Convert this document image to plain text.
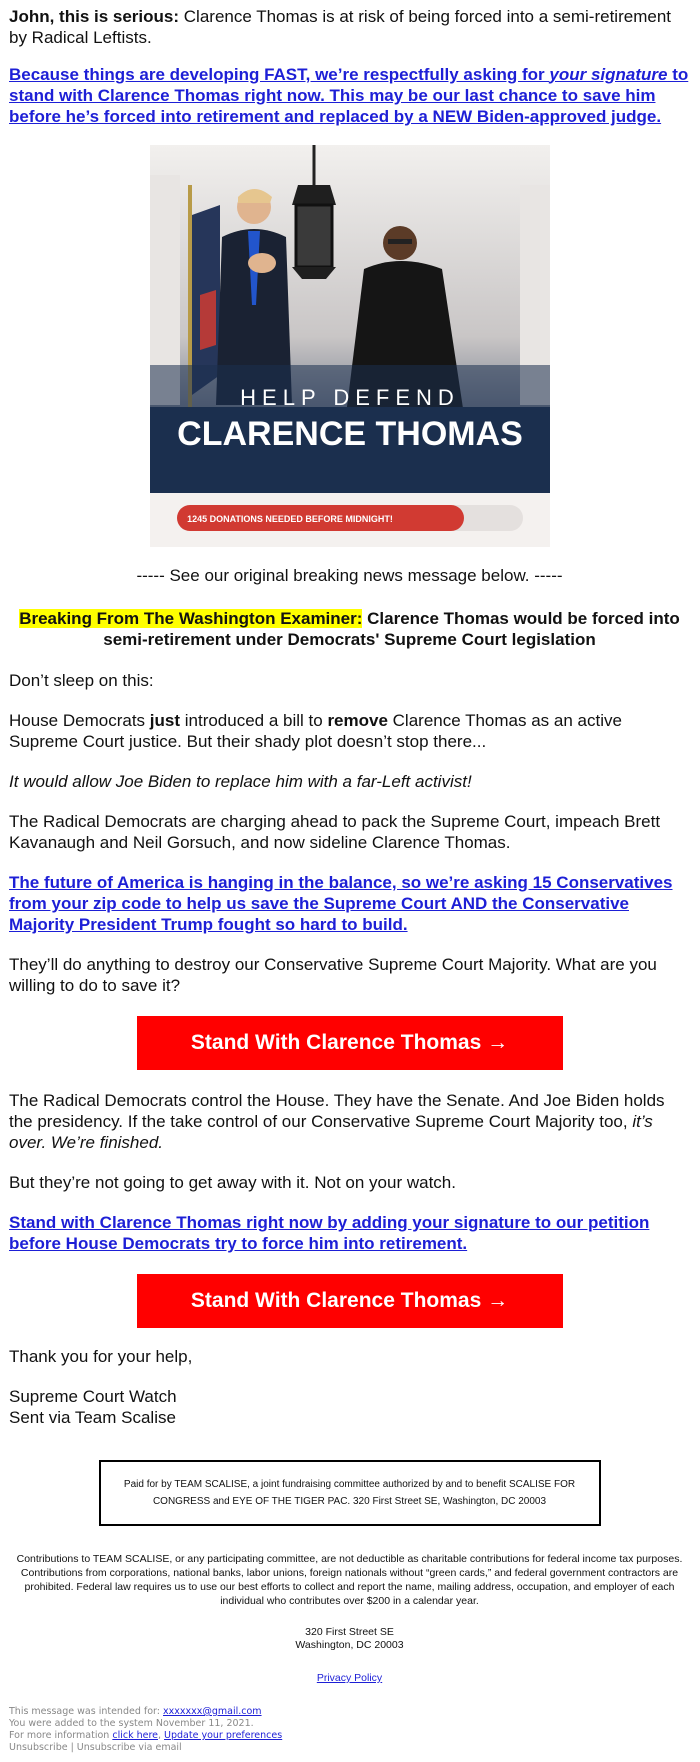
John, this is serious: Clarence Thomas is at risk of being forced into a semi-retirement by Radical Leftists.

Because things are developing FAST, we’re respectfully asking for your signature to stand with Clarence Thomas right now. This may be our last chance to save him before he’s forced into retirement and replaced by a NEW Biden-approved judge.

HELP DEFEND
CLARENCE THOMAS
1245 DONATIONS NEEDED BEFORE MIDNIGHT!

----- See our original breaking news message below. -----

Breaking From The Washington Examiner: Clarence Thomas would be forced into semi-retirement under Democrats' Supreme Court legislation

Don’t sleep on this:

House Democrats just introduced a bill to remove Clarence Thomas as an active Supreme Court justice. But their shady plot doesn’t stop there...

It would allow Joe Biden to replace him with a far-Left activist!

The Radical Democrats are charging ahead to pack the Supreme Court, impeach Brett Kavanaugh and Neil Gorsuch, and now sideline Clarence Thomas.

The future of America is hanging in the balance, so we’re asking 15 Conservatives from your zip code to help us save the Supreme Court AND the Conservative Majority President Trump fought so hard to build.

They’ll do anything to destroy our Conservative Supreme Court Majority. What are you willing to do to save it?

Stand With Clarence Thomas →

The Radical Democrats control the House. They have the Senate. And Joe Biden holds the presidency. If the take control of our Conservative Supreme Court Majority too, it’s over. We’re finished.

But they’re not going to get away with it. Not on your watch.

Stand with Clarence Thomas right now by adding your signature to our petition before House Democrats try to force him into retirement.

Stand With Clarence Thomas →

Thank you for your help,

Supreme Court Watch
Sent via Team Scalise

Paid for by TEAM SCALISE, a joint fundraising committee authorized by and to benefit SCALISE FOR CONGRESS and EYE OF THE TIGER PAC. 320 First Street SE, Washington, DC 20003
Contributions to TEAM SCALISE, or any participating committee, are not deductible as charitable contributions for federal income tax purposes. Contributions from corporations, national banks, labor unions, foreign nationals without “green cards,” and federal government contractors are prohibited. Federal law requires us to use our best efforts to collect and report the name, mailing address, occupation, and employer of each individual who contributes over $200 in a calendar year.
320 First Street SE
Washington, DC 20003
Privacy Policy
This message was intended for: xxxxxxx@gmail.com
You were added to the system November 11, 2021.
For more information click here, Update your preferences
Unsubscribe | Unsubscribe via email
